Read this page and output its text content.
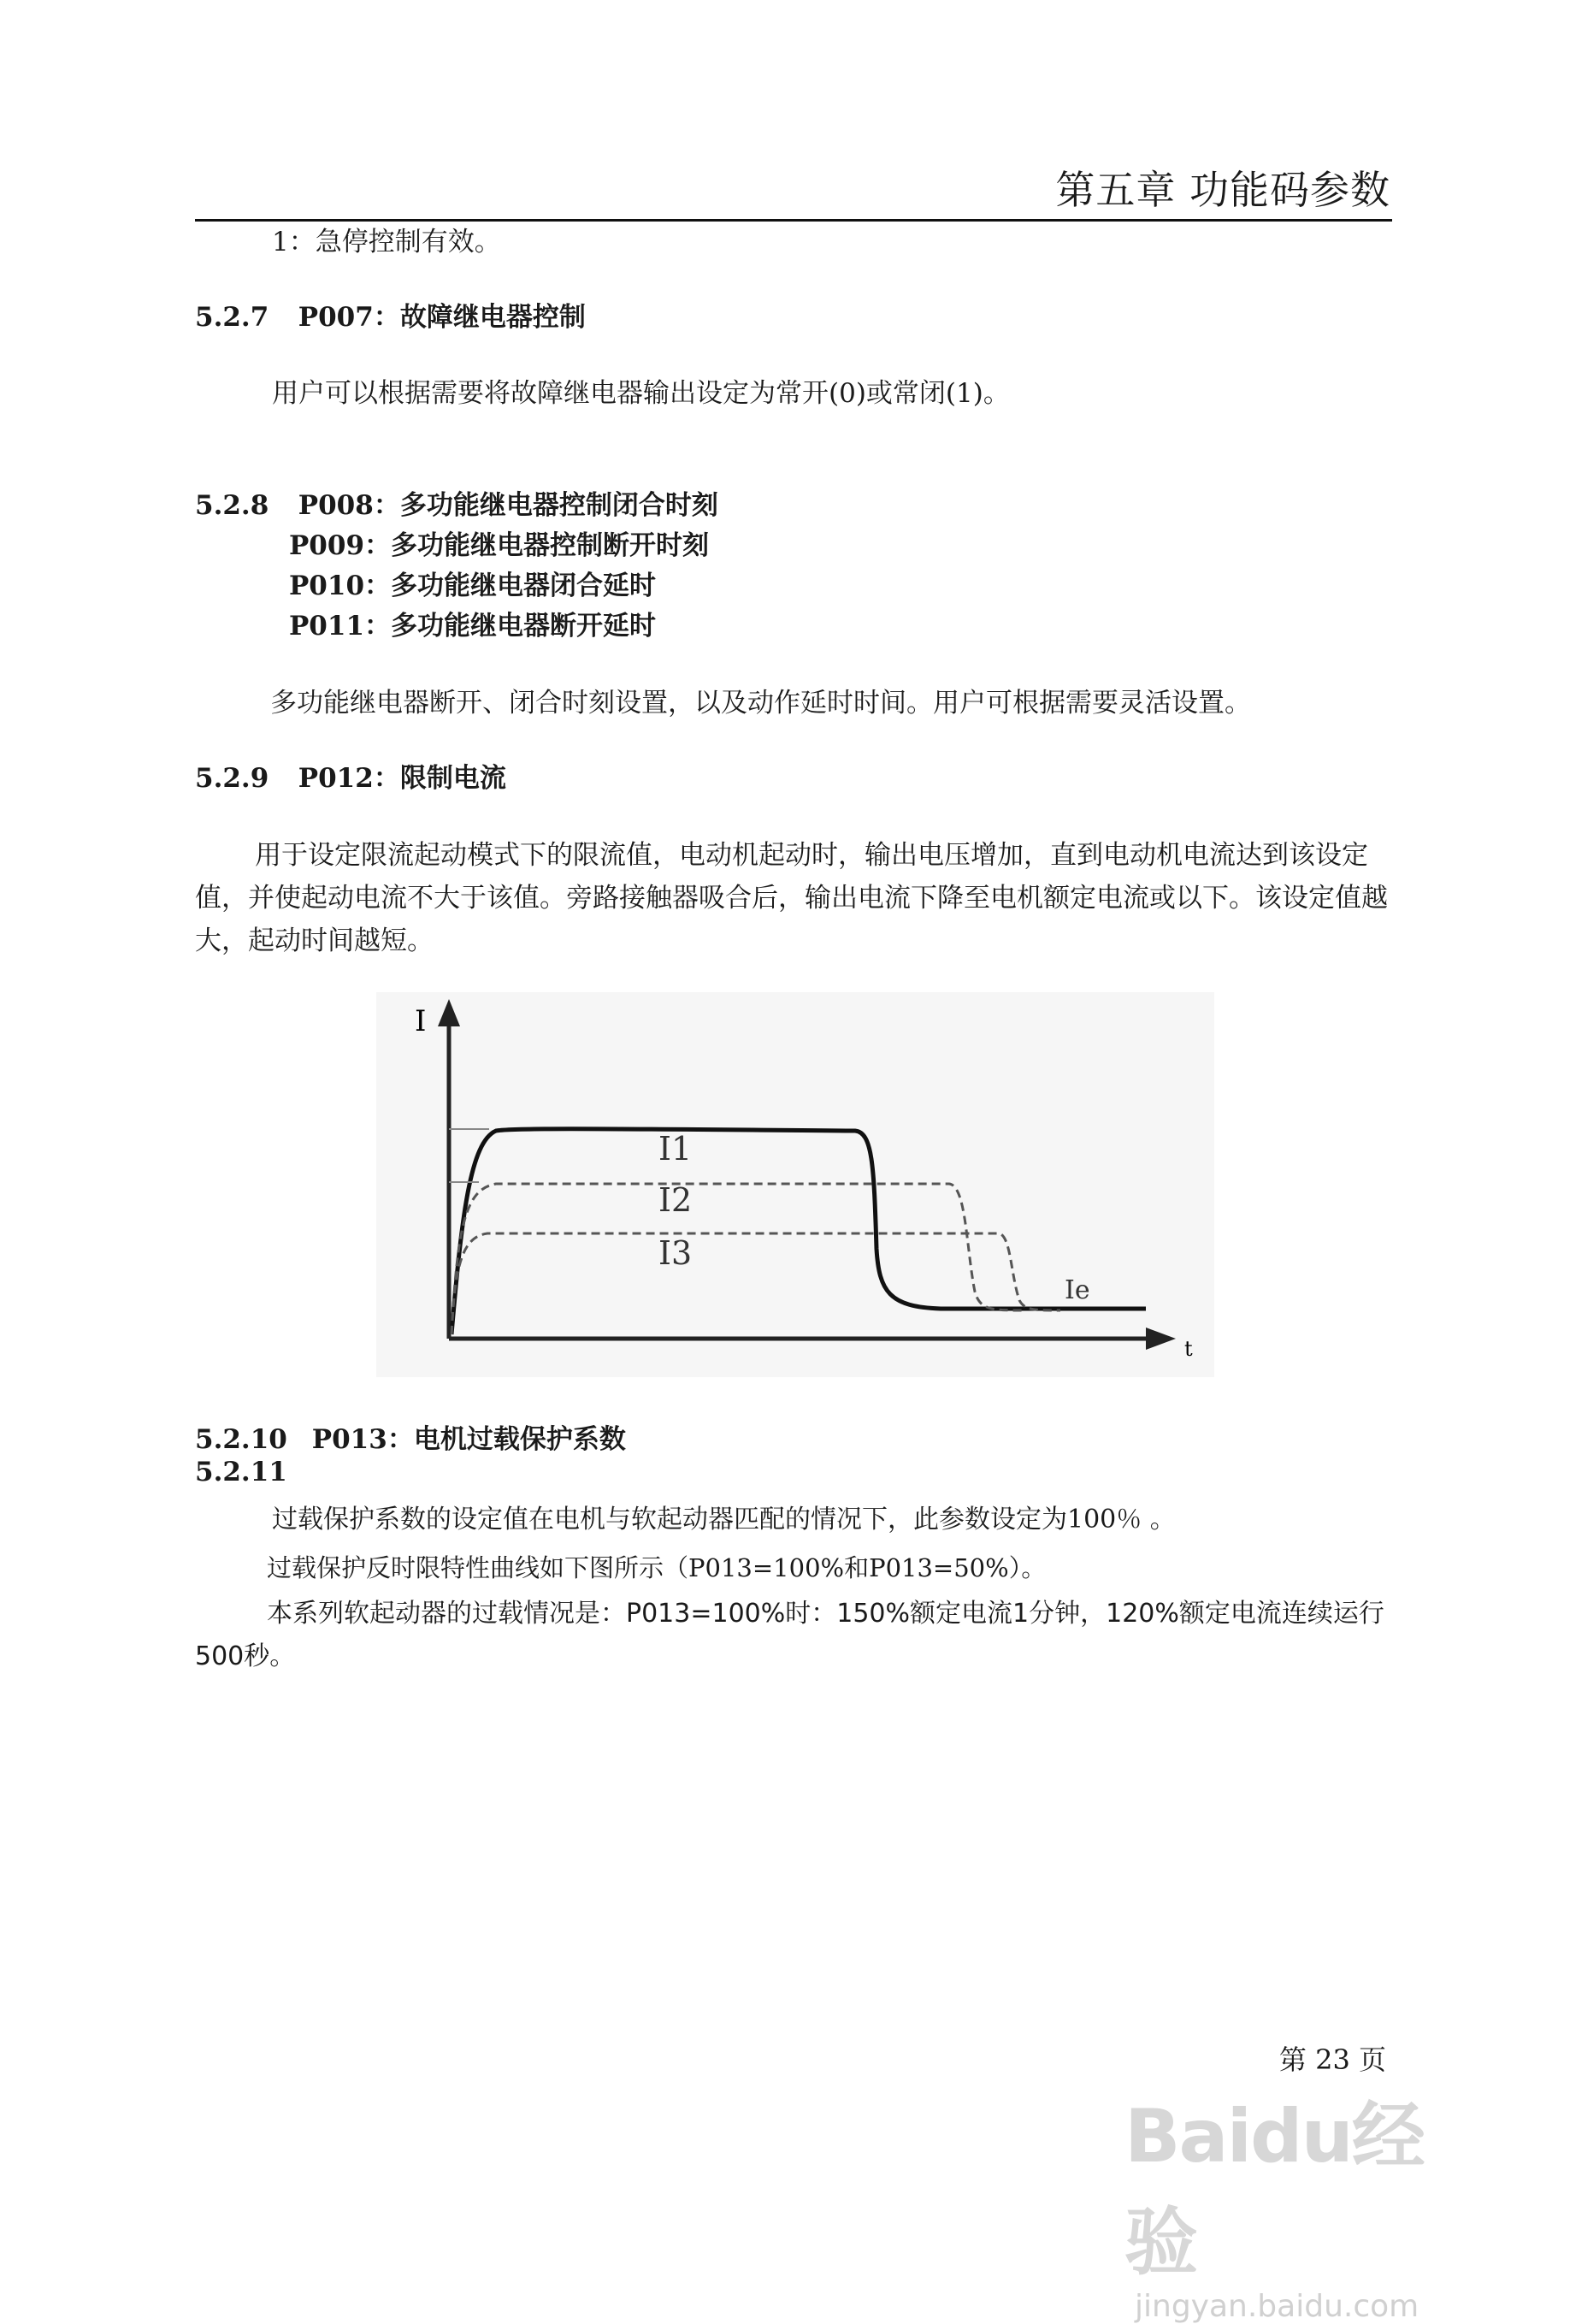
第五章 功能码参数
1：急停控制有效。
5.2.7 P007：故障继电器控制
用户可以根据需要将故障继电器输出设定为常开(0)或常闭(1)。
5.2.8 P008：多功能继电器控制闭合时刻
P009：多功能继电器控制断开时刻
P010：多功能继电器闭合延时
P011：多功能继电器断开延时
多功能继电器断开、闭合时刻设置，以及动作延时时间。用户可根据需要灵活设置。
5.2.9 P012：限制电流
用于设定限流起动模式下的限流值，电动机起动时，输出电压增加，直到电动机电流达到该设定值，并使起动电流不大于该值。旁路接触器吸合后，输出电流下降至电机额定电流或以下。该设定值越大，起动时间越短。
I
t
I1
I2
I3
Ie
5.2.10 P013：电机过载保护系数
5.2.11
过载保护系数的设定值在电机与软起动器匹配的情况下，此参数设定为100％ 。
过载保护反时限特性曲线如下图所示（P013=100%和P013=50%）。
本系列软起动器的过载情况是：P013=100%时：150%额定电流1分钟，120%额定电流连续运行500秒。
第 23 页
Baidu经验
jingyan.baidu.com
